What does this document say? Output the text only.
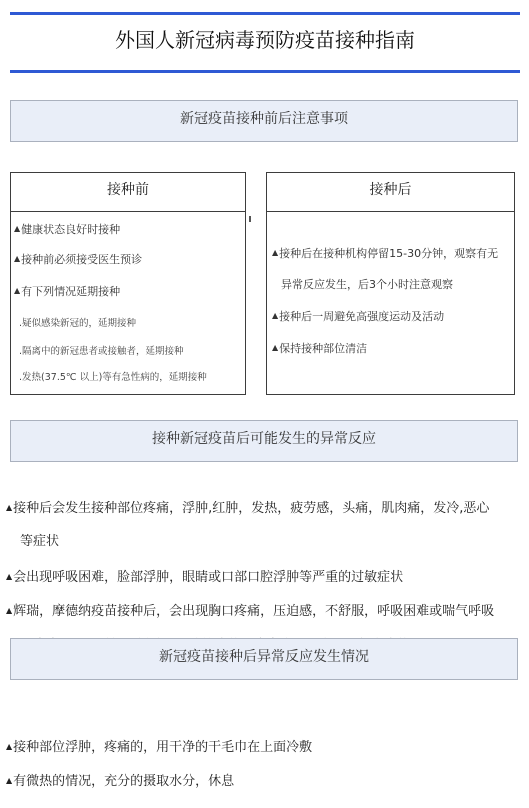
外国人新冠病毒预防疫苗接种指南
新冠疫苗接种前后注意事项
接种前
▲健康状态良好时接种
▲接种前必须接受医生预诊
▲有下列情况延期接种
.疑似感染新冠的，延期接种
.隔离中的新冠患者或接触者，延期接种
.发热(37.5℃ 以上)等有急性病的，延期接种
接种后
▲接种后在接种机构停留15-30分钟，观察有无
异常反应发生，后3个小时注意观察
▲接种后一周避免高强度运动及活动
▲保持接种部位清洁
接种新冠疫苗后可能发生的异常反应
▲接种后会发生接种部位疼痛，浮肿,红肿，发热，疲劳感，头痛，肌肉痛，发冷,恶心
等症状
▲会出现呼吸困难，脸部浮肿，眼睛或口部口腔浮肿等严重的过敏症状
▲辉瑞，摩德纳疫苗接种后，会出现胸口疼痛，压迫感，不舒服，呼吸困难或喘气呼吸
新冠疫苗接种后异常反应发生情况
▲接种部位浮肿，疼痛的，用干净的干毛巾在上面冷敷
▲有微热的情况，充分的摄取水分，休息
